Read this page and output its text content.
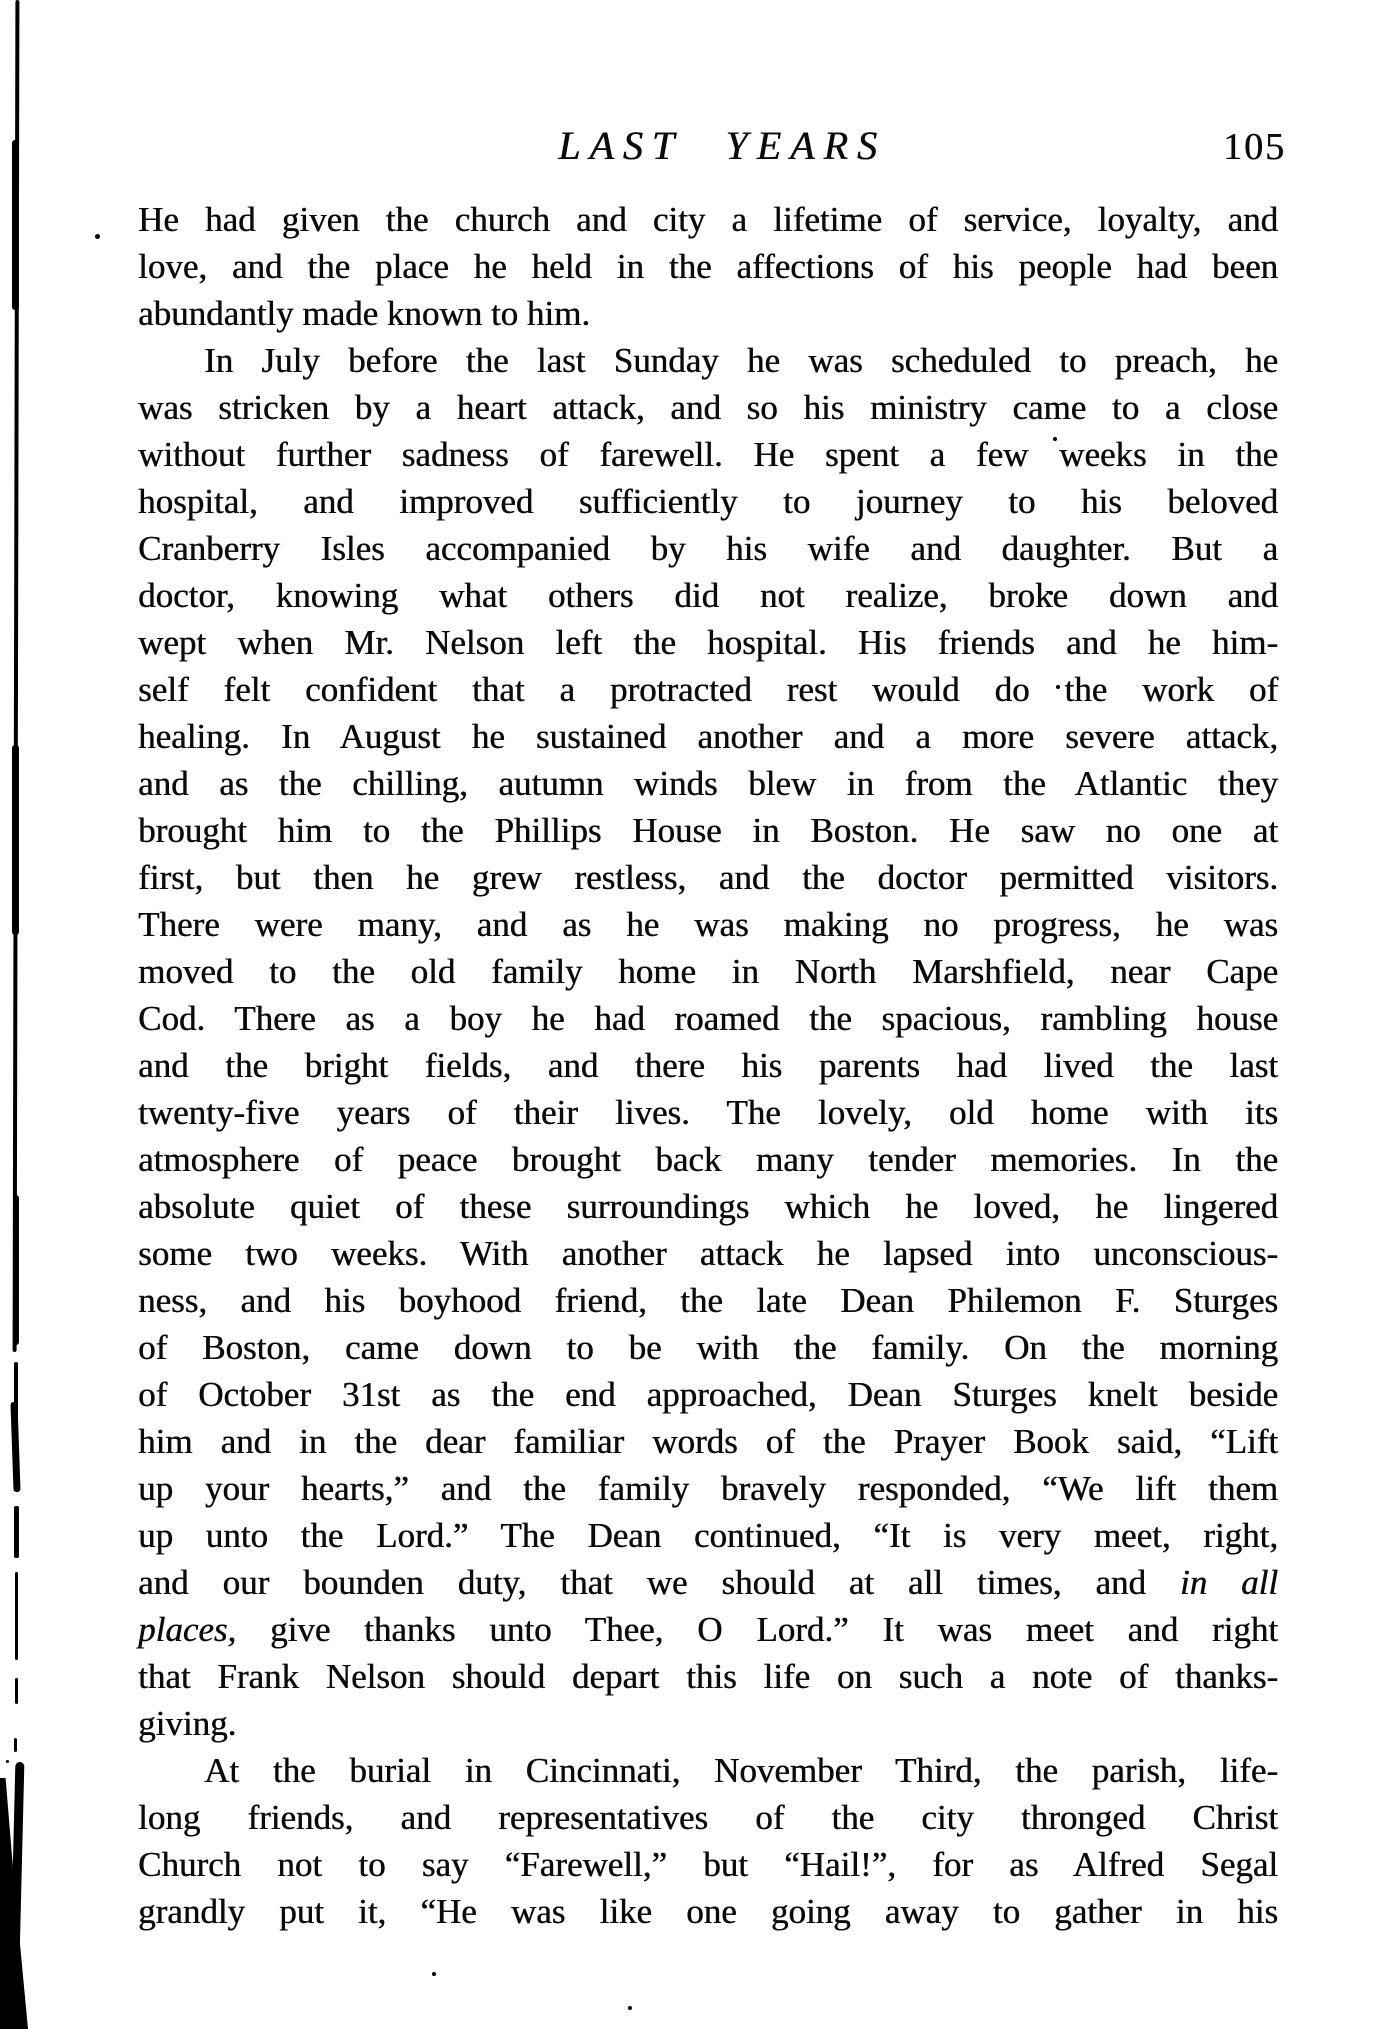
LAST YEARS	105
He had given the church and city a lifetime of service, loyalty, and
love, and the place he held in the affections of his people had been
abundantly made known to him.
In July before the last Sunday he was scheduled to preach, he
was stricken by a heart attack, and so his ministry came to a close
without further sadness of farewell. He spent a few weeks in the
hospital, and improved sufficiently to journey to his beloved
Cranberry Isles accompanied by his wife and daughter. But a
doctor, knowing what others did not realize, broke down and
wept when Mr. Nelson left the hospital. His friends and he him-
self felt confident that a protracted rest would do the work of
healing. In August he sustained another and a more severe attack,
and as the chilling, autumn winds blew in from the Atlantic they
brought him to the Phillips House in Boston. He saw no one at
first, but then he grew restless, and the doctor permitted visitors.
There were many, and as he was making no progress, he was
moved to the old family home in North Marshfield, near Cape
Cod. There as a boy he had roamed the spacious, rambling house
and the bright fields, and there his parents had lived the last
twenty-five years of their lives. The lovely, old home with its
atmosphere of peace brought back many tender memories. In the
absolute quiet of these surroundings which he loved, he lingered
some two weeks. With another attack he lapsed into unconscious-
ness, and his boyhood friend, the late Dean Philemon F. Sturges
of Boston, came down to be with the family. On the morning
of October 31st as the end approached, Dean Sturges knelt beside
him and in the dear familiar words of the Prayer Book said, “Lift
up your hearts,” and the family bravely responded, “We lift them
up unto the Lord.” The Dean continued, “It is very meet, right,
and our bounden duty, that we should at all times, and in all
places, give thanks unto Thee, O Lord.” It was meet and right
that Frank Nelson should depart this life on such a note of thanks-
giving.
At the burial in Cincinnati, November Third, the parish, life-
long friends, and representatives of the city thronged Christ
Church not to say “Farewell,” but “Hail!”, for as Alfred Segal
grandly put it, “He was like one going away to gather in his
